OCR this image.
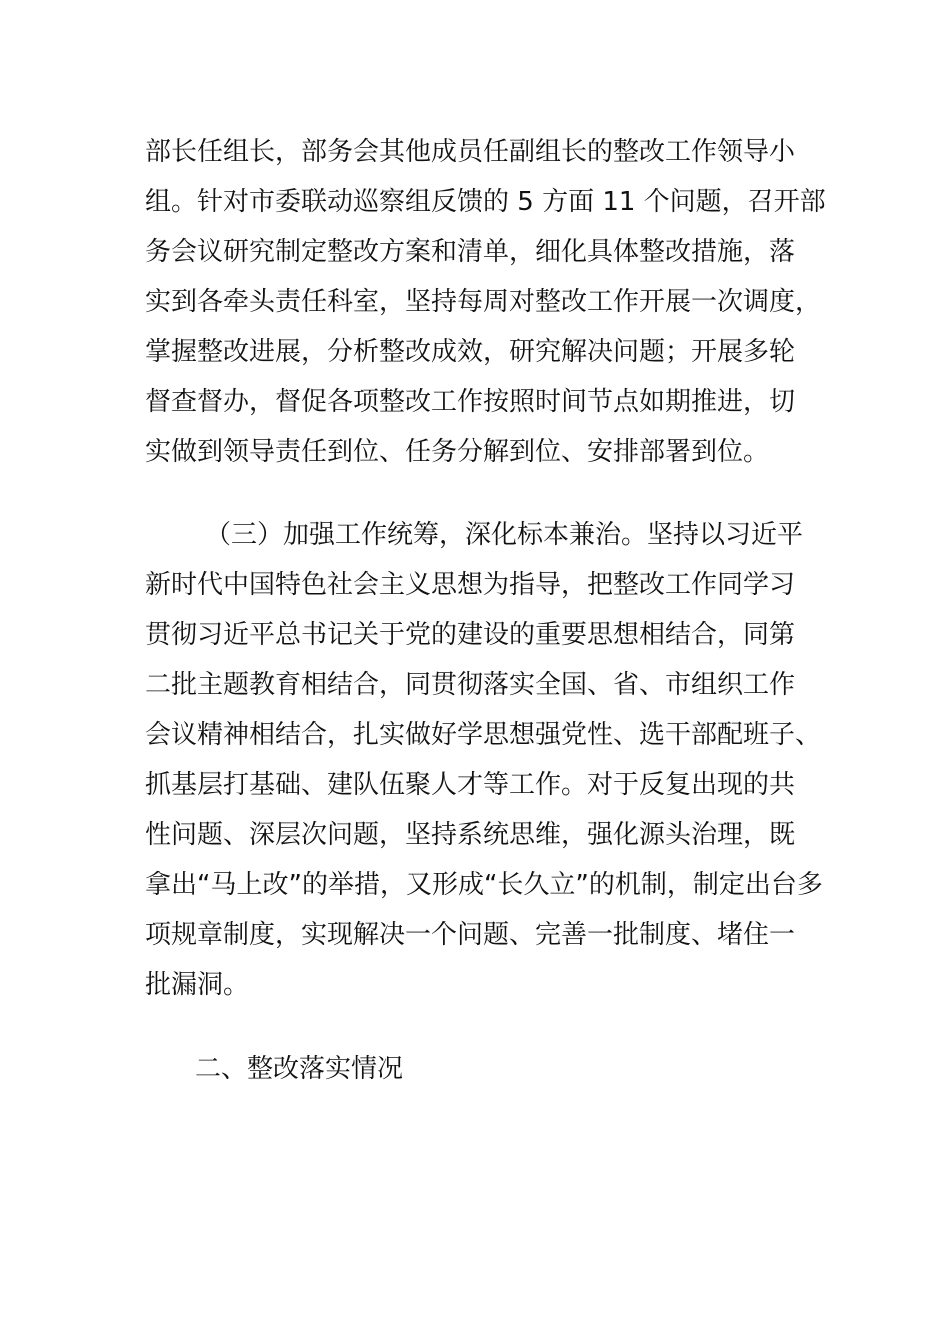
部长任组长，部务会其他成员任副组长的整改工作领导小
组。针对市委联动巡察组反馈的 5 方面 11 个问题，召开部
务会议研究制定整改方案和清单，细化具体整改措施，落
实到各牵头责任科室，坚持每周对整改工作开展一次调度，
掌握整改进展，分析整改成效，研究解决问题；开展多轮
督查督办，督促各项整改工作按照时间节点如期推进，切
实做到领导责任到位、任务分解到位、安排部署到位。
（三）加强工作统筹，深化标本兼治。坚持以习近平
新时代中国特色社会主义思想为指导，把整改工作同学习
贯彻习近平总书记关于党的建设的重要思想相结合，同第
二批主题教育相结合，同贯彻落实全国、省、市组织工作
会议精神相结合，扎实做好学思想强党性、选干部配班子、
抓基层打基础、建队伍聚人才等工作。对于反复出现的共
性问题、深层次问题，坚持系统思维，强化源头治理，既
拿出“马上改”的举措，又形成“长久立”的机制，制定出台多
项规章制度，实现解决一个问题、完善一批制度、堵住一
批漏洞。
二、整改落实情况
